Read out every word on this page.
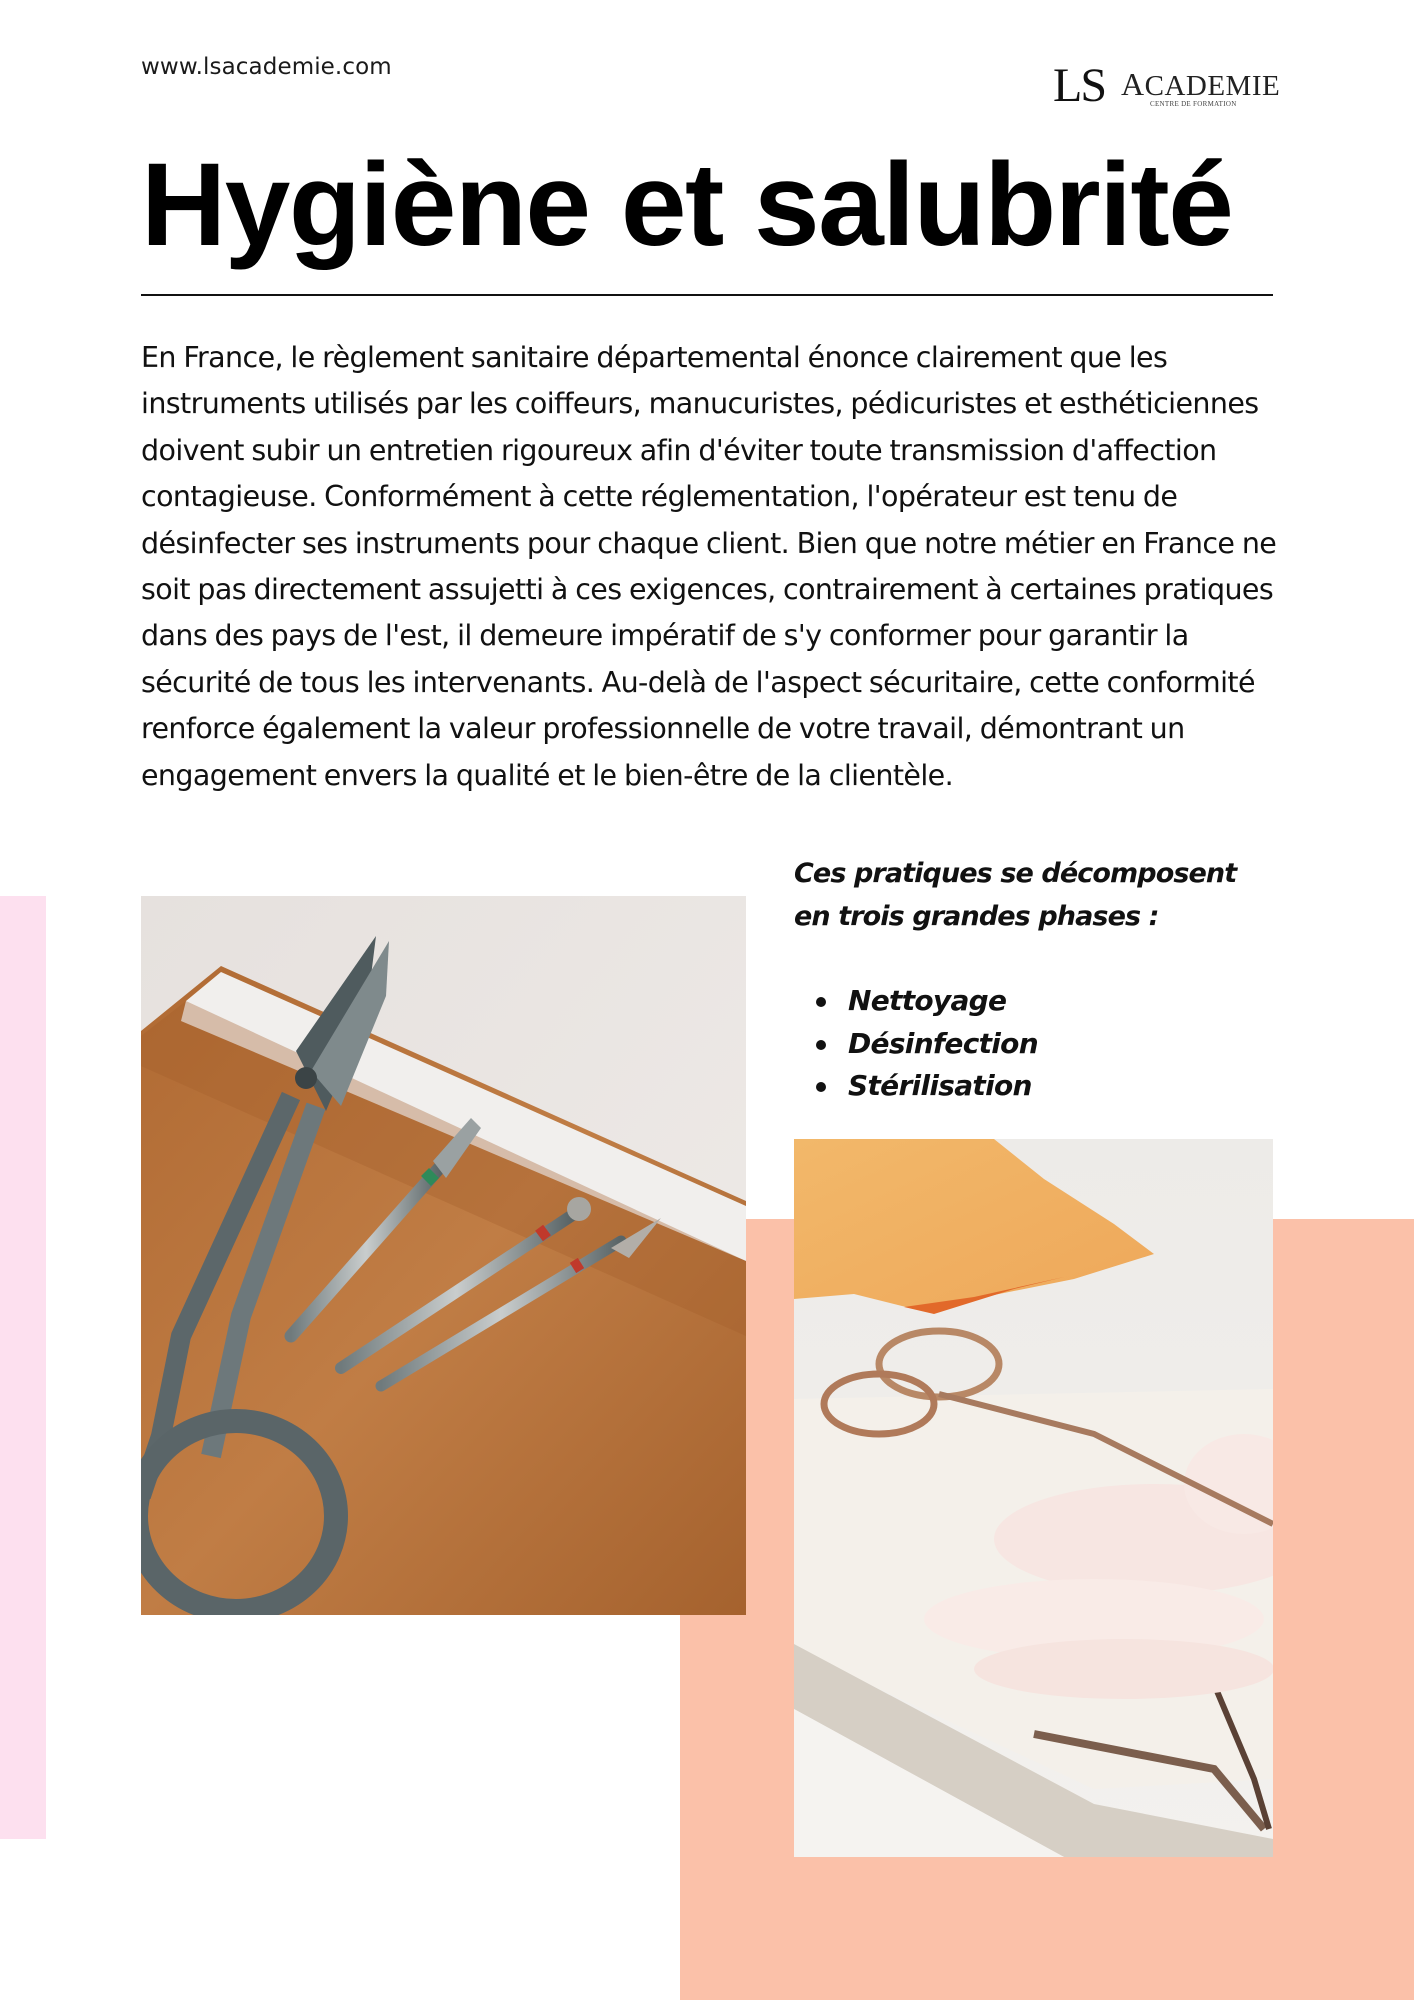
www.lsacademie.com	LS ACADEMIE
CENTRE DE FORMATION
Hygiène et salubrité

En France, le règlement sanitaire départemental énonce clairement que les instruments utilisés par les coiffeurs, manucuristes, pédicuristes et esthéticiennes doivent subir un entretien rigoureux afin d'éviter toute transmission d'affection contagieuse. Conformément à cette réglementation, l'opérateur est tenu de désinfecter ses instruments pour chaque client. Bien que notre métier en France ne soit pas directement assujetti à ces exigences, contrairement à certaines pratiques dans des pays de l'est, il demeure impératif de s'y conformer pour garantir la sécurité de tous les intervenants. Au-delà de l'aspect sécuritaire, cette conformité renforce également la valeur professionnelle de votre travail, démontrant un engagement envers la qualité et le bien-être de la clientèle.

Ces pratiques se décomposent en trois grandes phases :

Nettoyage
Désinfection
Stérilisation
